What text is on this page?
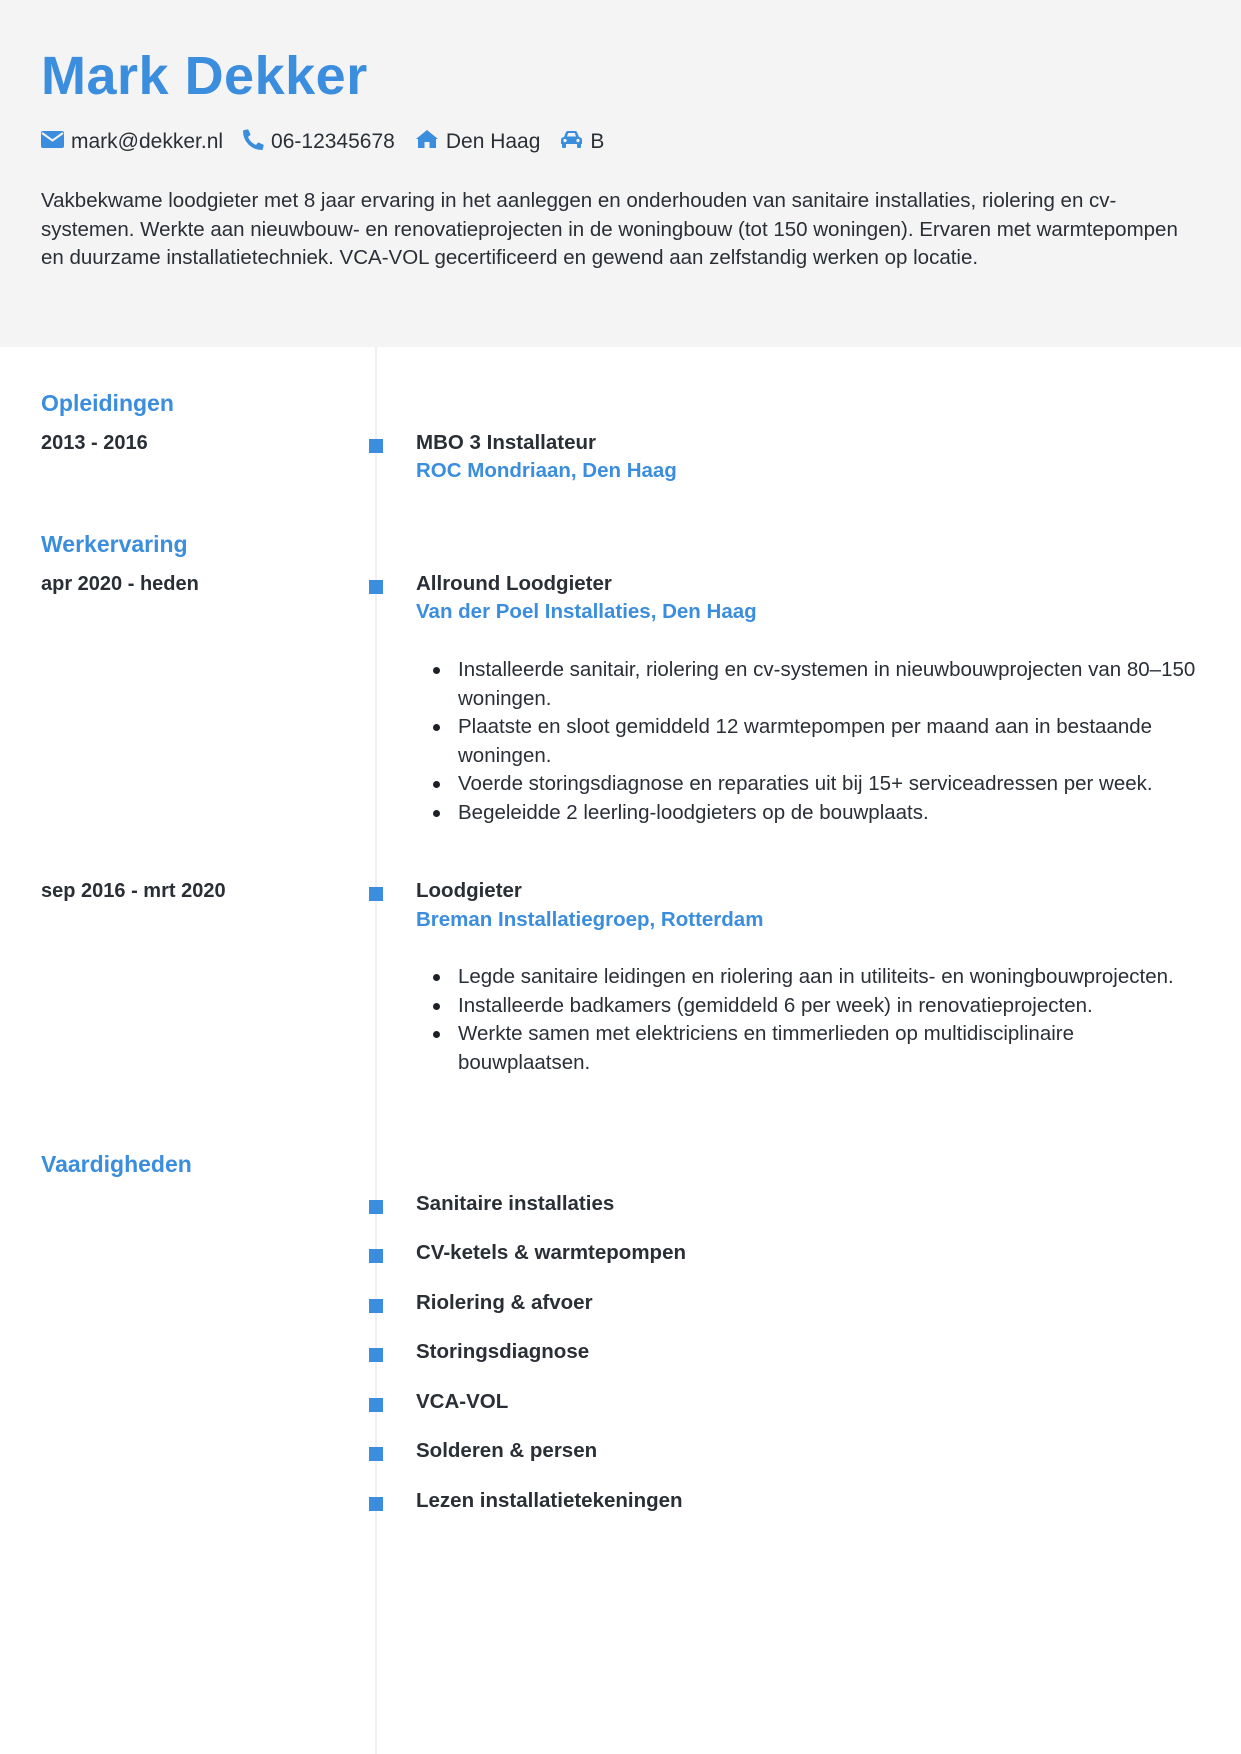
Mark Dekker
mark@dekker.nl 06-12345678 Den Haag B
Vakbekwame loodgieter met 8 jaar ervaring in het aanleggen en onderhouden van sanitaire installaties, riolering en cv-systemen. Werkte aan nieuwbouw- en renovatieprojecten in de woningbouw (tot 150 woningen). Ervaren met warmtepompen en duurzame installatietechniek. VCA-VOL gecertificeerd en gewend aan zelfstandig werken op locatie.
Opleidingen
2013 - 2016	MBO 3 Installateur
ROC Mondriaan, Den Haag
Werkervaring
apr 2020 - heden	Allround Loodgieter
Van der Poel Installaties, Den Haag
Installeerde sanitair, riolering en cv-systemen in nieuwbouwprojecten van 80–150 woningen.
Plaatste en sloot gemiddeld 12 warmtepompen per maand aan in bestaande woningen.
Voerde storingsdiagnose en reparaties uit bij 15+ serviceadressen per week.
Begeleidde 2 leerling-loodgieters op de bouwplaats.
sep 2016 - mrt 2020	Loodgieter
Breman Installatiegroep, Rotterdam
Legde sanitaire leidingen en riolering aan in utiliteits- en woningbouwprojecten.
Installeerde badkamers (gemiddeld 6 per week) in renovatieprojecten.
Werkte samen met elektriciens en timmerlieden op multidisciplinaire bouwplaatsen.
Vaardigheden
Sanitaire installaties
CV-ketels & warmtepompen
Riolering & afvoer
Storingsdiagnose
VCA-VOL
Solderen & persen
Lezen installatietekeningen
